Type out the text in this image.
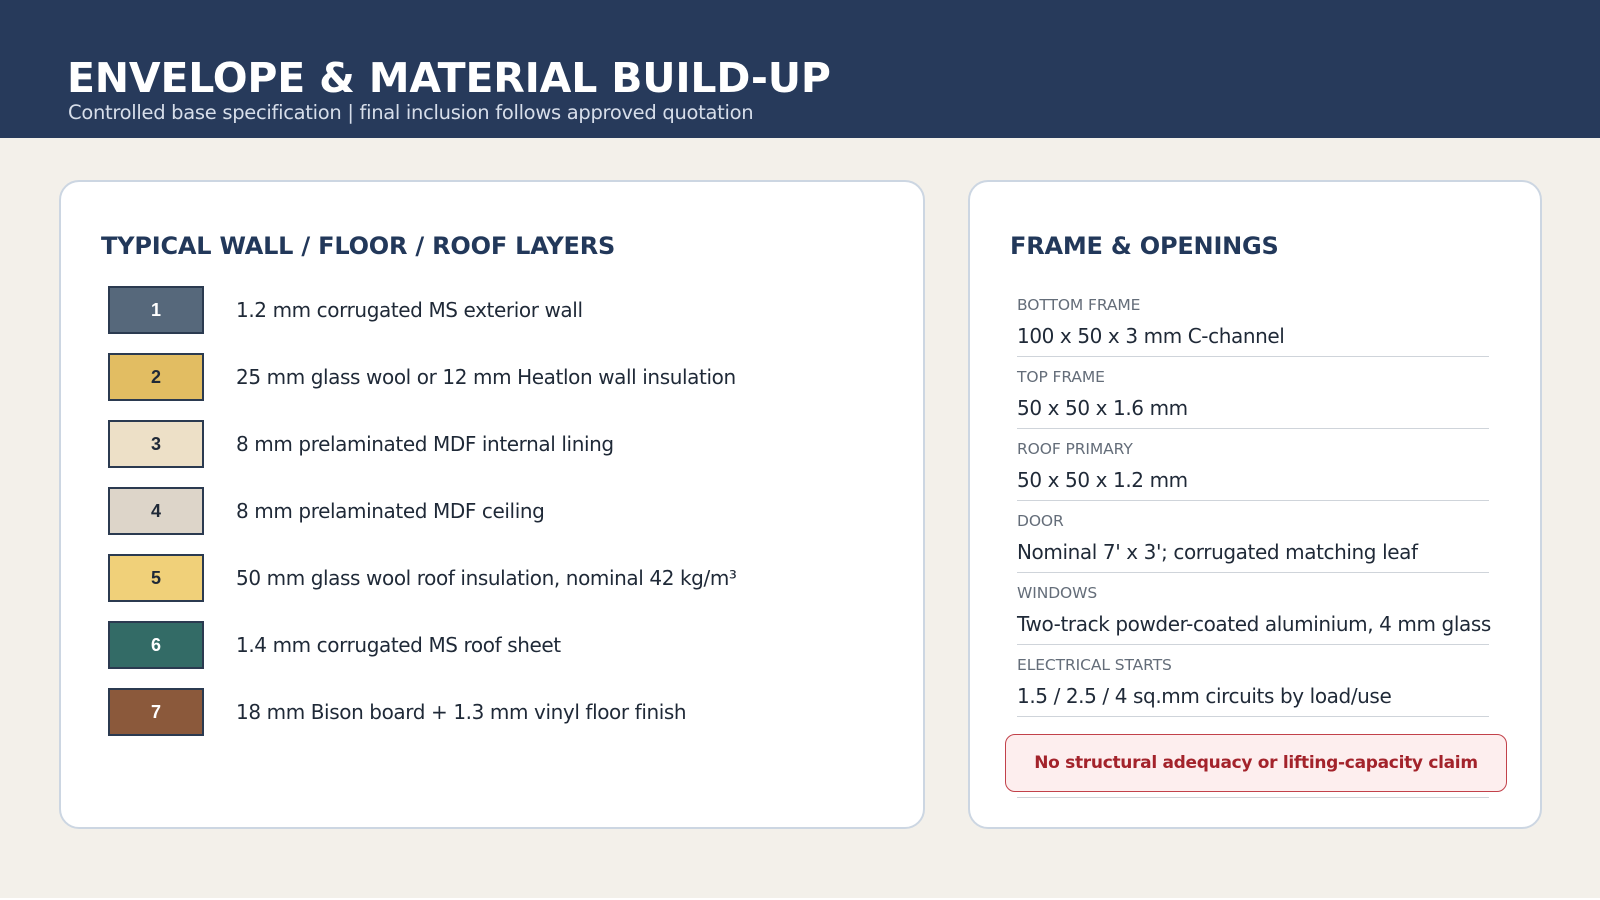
ENVELOPE & MATERIAL BUILD-UP
Controlled base specification | final inclusion follows approved quotation
TYPICAL WALL / FLOOR / ROOF LAYERS
1	1.2 mm corrugated MS exterior wall
2	25 mm glass wool or 12 mm Heatlon wall insulation
3	8 mm prelaminated MDF internal lining
4	8 mm prelaminated MDF ceiling
5	50 mm glass wool roof insulation, nominal 42 kg/m³
6	1.4 mm corrugated MS roof sheet
7	18 mm Bison board + 1.3 mm vinyl floor finish
FRAME & OPENINGS
BOTTOM FRAME
100 x 50 x 3 mm C-channel
TOP FRAME
50 x 50 x 1.6 mm
ROOF PRIMARY
50 x 50 x 1.2 mm
DOOR
Nominal 7' x 3'; corrugated matching leaf
WINDOWS
Two-track powder-coated aluminium, 4 mm glass
ELECTRICAL STARTS
1.5 / 2.5 / 4 sq.mm circuits by load/use
No structural adequacy or lifting-capacity claim
